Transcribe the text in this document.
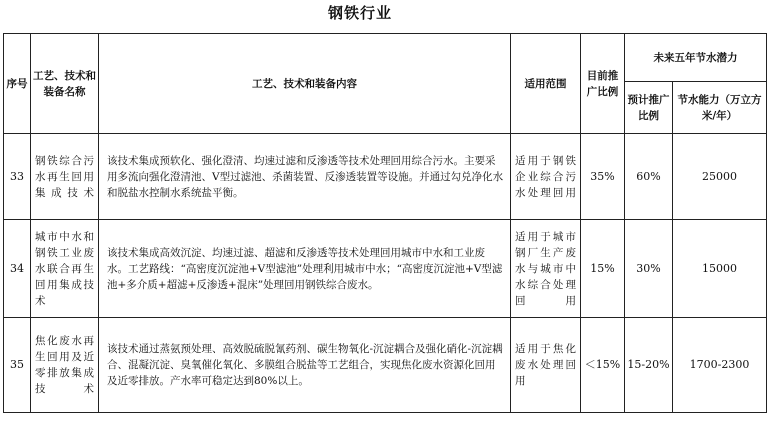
钢铁行业
序号	工艺、技术和装备名称	工艺、技术和装备内容	适用范围	目前推广比例	未来五年节水潜力	
					预计推广比例	节水能力（万立方米/年）
33	钢铁综合污水再生回用集成技术	该技术集成预软化、强化澄清、均速过滤和反渗透等技术处理回用综合污水。主要采用多流向强化澄清池、V型过滤池、杀菌装置、反渗透装置等设施。并通过勾兑净化水和脱盐水控制水系统盐平衡。	适用于钢铁企业综合污水处理回用	35%	60%	25000
34	城市中水和钢铁工业废水联合再生回用集成技术	该技术集成高效沉淀、均速过滤、超滤和反渗透等技术处理回用城市中水和工业废水。工艺路线：“高密度沉淀池+V型滤池”处理利用城市中水；“高密度沉淀池+V型滤池+多介质+超滤+反渗透+混床”处理回用钢铁综合废水。	适用于城市钢厂生产废水与城市中水综合处理回用	15%	30%	15000
35	焦化废水再生回用及近零排放集成技术	该技术通过蒸氨预处理、高效脱硫脱氰药剂、碳生物氧化-沉淀耦合及强化硝化-沉淀耦合、混凝沉淀、臭氧催化氧化、多膜组合脱盐等工艺组合，实现焦化废水资源化回用及近零排放。产水率可稳定达到80%以上。	适用于焦化废水处理回用	＜15%	15-20%	1700-2300
